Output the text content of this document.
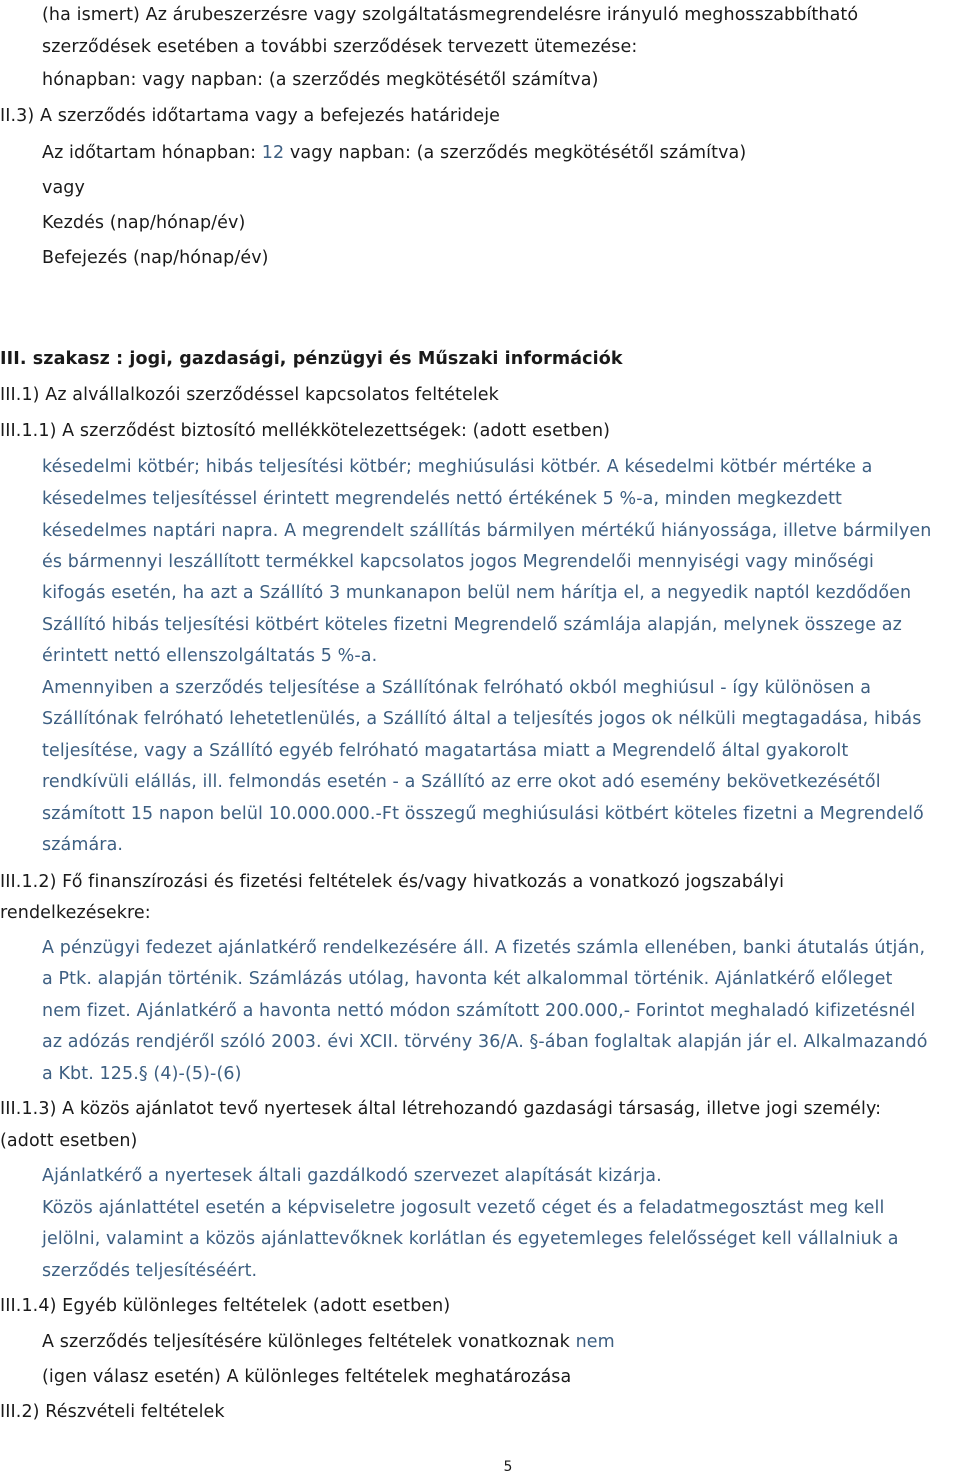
(ha ismert) Az árubeszerzésre vagy szolgáltatásmegrendelésre irányuló meghosszabbítható
szerződések esetében a további szerződések tervezett ütemezése:
hónapban: vagy napban: (a szerződés megkötésétől számítva)
II.3) A szerződés időtartama vagy a befejezés határideje
Az időtartam hónapban: 12 vagy napban: (a szerződés megkötésétől számítva)
vagy
Kezdés (nap/hónap/év)
Befejezés (nap/hónap/év)
III. szakasz : jogi, gazdasági, pénzügyi és Műszaki információk
III.1) Az alvállalkozói szerződéssel kapcsolatos feltételek
III.1.1) A szerződést biztosító mellékkötelezettségek: (adott esetben)
késedelmi kötbér; hibás teljesítési kötbér; meghiúsulási kötbér. A késedelmi kötbér mértéke a
késedelmes teljesítéssel érintett megrendelés nettó értékének 5 %-a, minden megkezdett
késedelmes naptári napra. A megrendelt szállítás bármilyen mértékű hiányossága, illetve bármilyen
és bármennyi leszállított termékkel kapcsolatos jogos Megrendelői mennyiségi vagy minőségi
kifogás esetén, ha azt a Szállító 3 munkanapon belül nem hárítja el, a negyedik naptól kezdődően
Szállító hibás teljesítési kötbért köteles fizetni Megrendelő számlája alapján, melynek összege az
érintett nettó ellenszolgáltatás 5 %-a.
Amennyiben a szerződés teljesítése a Szállítónak felróható okból meghiúsul - így különösen a
Szállítónak felróható lehetetlenülés, a Szállító által a teljesítés jogos ok nélküli megtagadása, hibás
teljesítése, vagy a Szállító egyéb felróható magatartása miatt a Megrendelő által gyakorolt
rendkívüli elállás, ill. felmondás esetén - a Szállító az erre okot adó esemény bekövetkezésétől
számított 15 napon belül 10.000.000.-Ft összegű meghiúsulási kötbért köteles fizetni a Megrendelő
számára.
III.1.2) Fő finanszírozási és fizetési feltételek és/vagy hivatkozás a vonatkozó jogszabályi
rendelkezésekre:
A pénzügyi fedezet ajánlatkérő rendelkezésére áll. A fizetés számla ellenében, banki átutalás útján,
a Ptk. alapján történik. Számlázás utólag, havonta két alkalommal történik. Ajánlatkérő előleget
nem fizet. Ajánlatkérő a havonta nettó módon számított 200.000,- Forintot meghaladó kifizetésnél
az adózás rendjéről szóló 2003. évi XCII. törvény 36/A. §-ában foglaltak alapján jár el. Alkalmazandó
a Kbt. 125.§ (4)-(5)-(6)
III.1.3) A közös ajánlatot tevő nyertesek által létrehozandó gazdasági társaság, illetve jogi személy:
(adott esetben)
Ajánlatkérő a nyertesek általi gazdálkodó szervezet alapítását kizárja.
Közös ajánlattétel esetén a képviseletre jogosult vezető céget és a feladatmegosztást meg kell
jelölni, valamint a közös ajánlattevőknek korlátlan és egyetemleges felelősséget kell vállalniuk a
szerződés teljesítéséért.
III.1.4) Egyéb különleges feltételek (adott esetben)
A szerződés teljesítésére különleges feltételek vonatkoznak nem
(igen válasz esetén) A különleges feltételek meghatározása
III.2) Részvételi feltételek
5
